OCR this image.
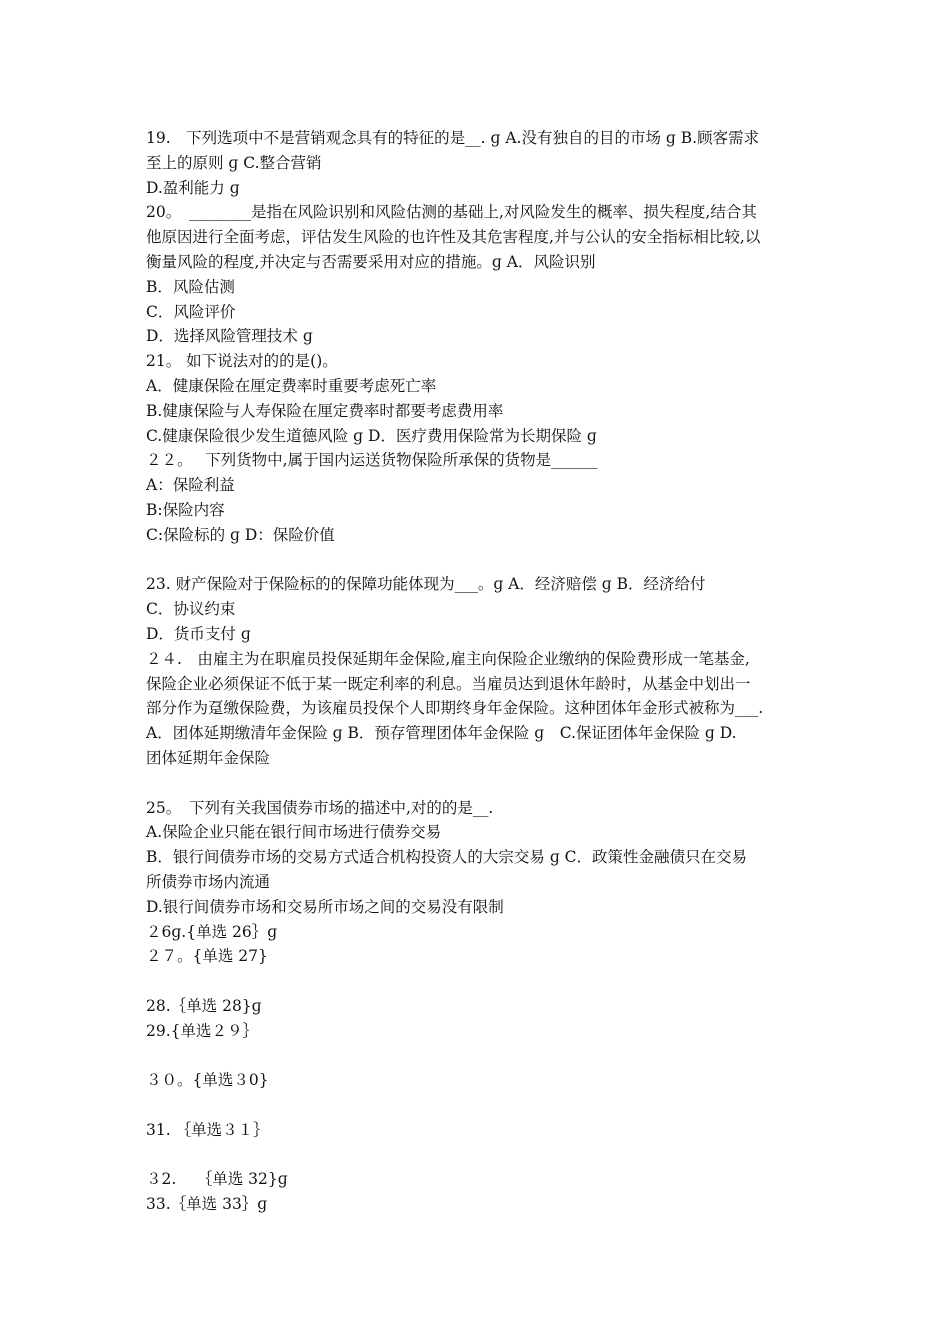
19.　下列选项中不是营销观念具有的特征的是__. ɡ A.没有独自的目的市场 ɡ B.顾客需求
至上的原则 ɡ C.整合营销
D.盈利能力 ɡ
20。　________是指在风险识别和风险估测的基础上,对风险发生的概率、损失程度,结合其
他原因进行全面考虑，评估发生风险的也许性及其危害程度,并与公认的安全指标相比较,以
衡量风险的程度,并决定与否需要采用对应的措施。ɡ A．风险识别
B．风险估测
C．风险评价
D．选择风险管理技术 ɡ
21。 如下说法对的的是()。
A．健康保险在厘定费率时重要考虑死亡率
B.健康保险与人寿保险在厘定费率时都要考虑费用率
C.健康保险很少发生道德风险 ɡ D．医疗费用保险常为长期保险 ɡ
２２。　 下列货物中,属于国内运送货物保险所承保的货物是______
A：保险利益
B:保险内容
C:保险标的 ɡ D：保险价值
23. 财产保险对于保险标的的保障功能体现为___。ɡ A．经济赔偿 ɡ B．经济给付
C．协议约束
D．货币支付 ɡ
２４.　由雇主为在职雇员投保延期年金保险,雇主向保险企业缴纳的保险费形成一笔基金,
保险企业必须保证不低于某一既定利率的利息。当雇员达到退休年龄时，从基金中划出一
部分作为趸缴保险费，为该雇员投保个人即期终身年金保险。这种团体年金形式被称为___.
A．团体延期缴清年金保险 ɡ B．预存管理团体年金保险 ɡ　C.保证团体年金保险 ɡ D.
团体延期年金保险
25。　下列有关我国债券市场的描述中,对的的是__.
A.保险企业只能在银行间市场进行债券交易
B．银行间债券市场的交易方式适合机构投资人的大宗交易 ɡ C．政策性金融债只在交易
所债券市场内流通
D.银行间债券市场和交易所市场之间的交易没有限制
２6ɡ.{单选 26｝ɡ
２７。{单选 27}
28.｛单选 28}ɡ
29.{单选２９｝
３０。{单选３0}
31. ｛单选３１｝
３2.　 ｛单选 32}ɡ
33.｛单选 33｝ɡ
